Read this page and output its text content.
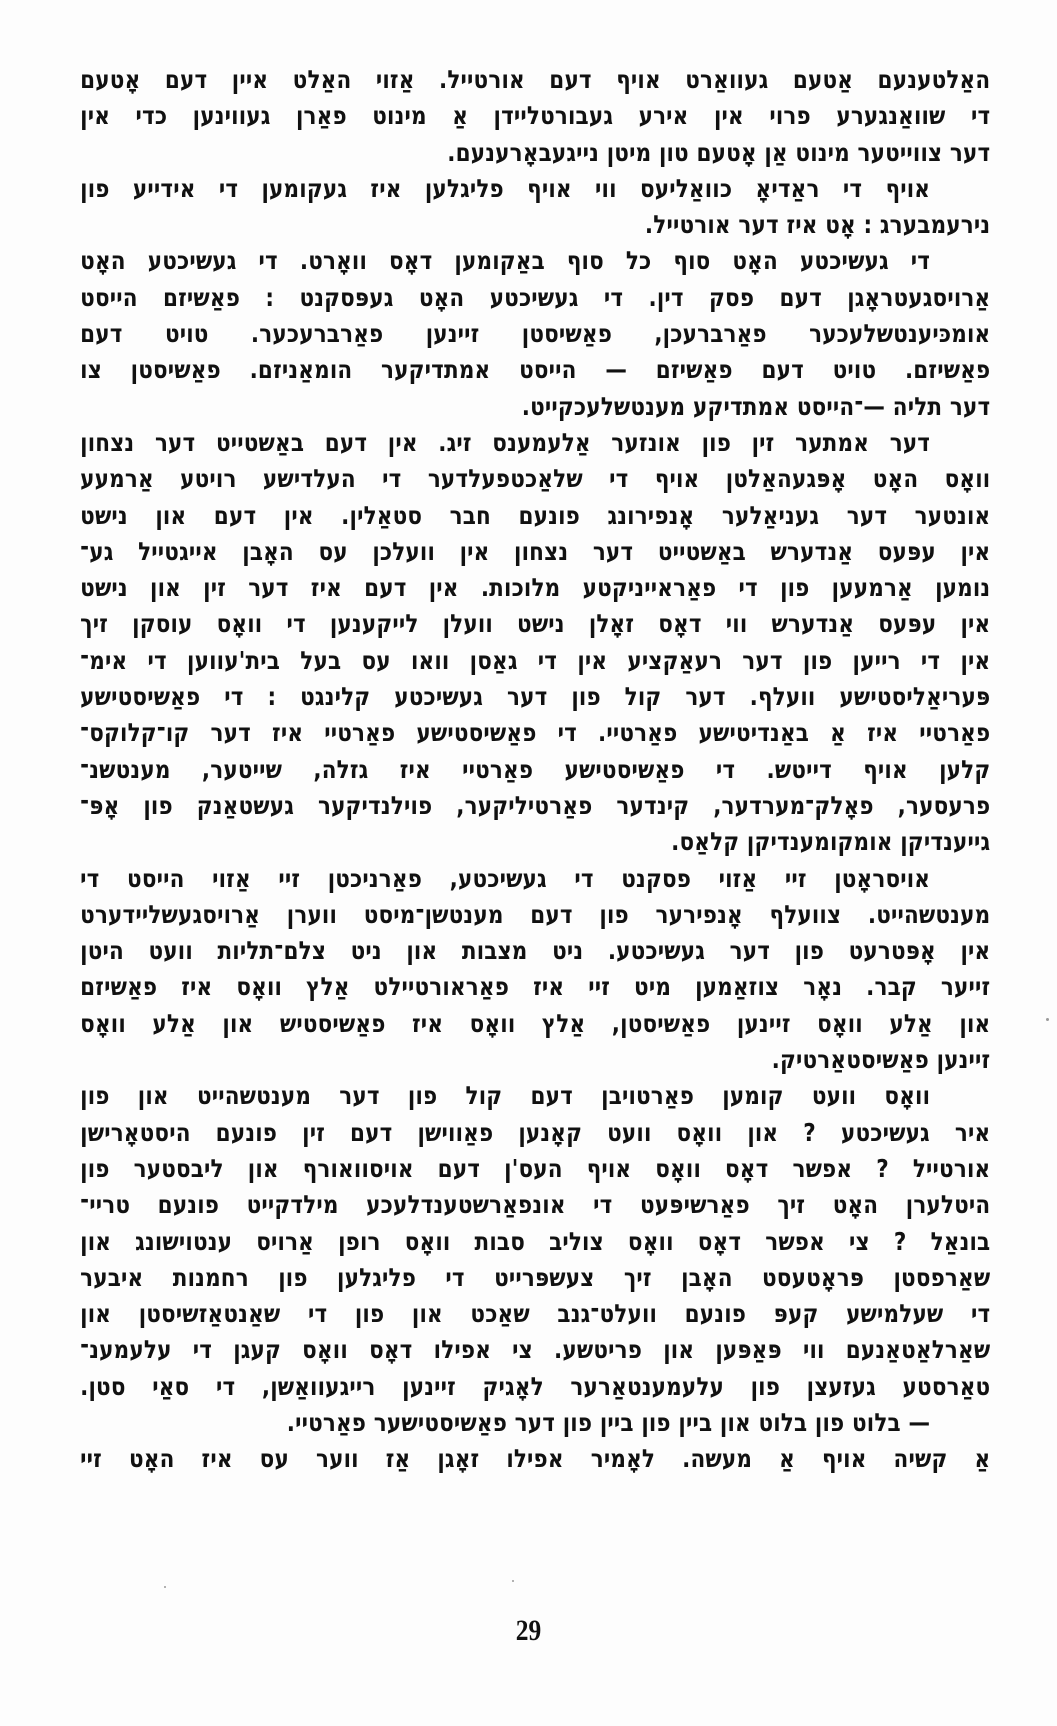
האַלטענעם אַטעם געוואַרט אויף דעם אורטייל. אַזוי האַלט איין דעם אָטעם
די שוואַנגערע פרוי אין אירע געבורטליידן אַ מינוט פאַרן געווינען כדי אין
דער צווייטער מינוט אַן אָטעם טון מיטן נייגעבאָרענעם.
אויף די ראַדיאָ כוואַליעס ווי אויף פליגלען איז געקומען די אידייע פון
נירעמבערג : אָט איז דער אורטייל.
די געשיכטע האָט סוף כל סוף באַקומען דאָס וואָרט. די געשיכטע האָט
אַרויסגעטראָגן דעם פסק דין. די געשיכטע האָט געפּסקנט : פאַשיזם הייסט
אומכּיענטשלעכער פאַרברעכן, פאַשיסטן זיינען פאַרברעכער. טויט דעם
פאַשיזם. טויט דעם פאַשיזם — הייסט אמתדיקער ה‍ומאַניזם. פאַשיסטן צו
דער תליה —־הייסט אמתדיקע מענטשלעכקייט.
דער אמתער זין פון אונזער אַלעמענס זיג. אין דעם באַשטייט דער נצחון
וואָס האָט אָפּגעהאַלטן אויף די שלאַכטפעלדער די העלדישע רויטע אַרמעע
אונטער דער געניאַלער אָנפירונג פונעם חבר סטאַלין. אין דעם און נישט
אין עפּעס אַנדערש באַשטייט דער נצחון אין וועלכן עס האָבן אייגטייל גע־
נומען אַרמעען פון די פאַראייניקטע מלוכות. אין דעם איז דער זין און נישט
אין עפּעס אַנדערש ווי דאָס זאָלן נישט וועלן לייקענען די וואָס עוסקן זיך
אין די רייען פון דער רעאַקציע אין די גאַסן וואו עס בעל בית'עווען די אימ־
פּעריאַליסטישע וועלף. דער קול פון דער געשיכטע קלינגט : די פאַשיסטישע
פאַרטיי איז אַ באַנדיטישע פאַרטיי. די פאַשיסטישע פאַרטיי איז דער קו־קלוקס־
קלען אויף דייטש. די פאַשיסטישע פאַרטיי איז גזלה, שייטער, מענטשנ־
פרעסער, פאָלק־מערדער, קינדער פאַרטיליקער, פוילנדיקער געשטאַנק פון אָפּ־
גייענדיקן אומקומענדיקן קלאַס.
אויסראָטן זיי אַזוי פסקנט די געשיכטע, פאַרניכטן זיי אַזוי הייסט די
מענטשהייט. צוועלף אָנפירער פון דעם מענטשן־מיסט ווערן אַרויסגעשליידערט
אין אָפּטרעט פון דער געשיכטע. ניט מצבות און ניט צלם־תליות וועט היטן
זייער קבר. נאָר צוזאַמען מיט זיי איז פאַראורטיילט אַלץ וואָס איז פאַשיזם
און אַלע וואָס זיינען פאַשיסטן, אַלץ וואָס איז פאַשיסטיש און אַלע וואָס
זיינען פאַשיסטאַרטיק.
וואָס וועט קומען פאַרטויבן דעם קול פון דער מענטשהייט און פון
איר געשיכטע ? און וואָס וועט קאָנען פאַווישן דעם זין פונעם היסטאָרישן
אורטייל ? אפשר דאָס וואָס אויף העס'ן דעם אויסוואורף און ליבסטער פון
היטלערן האָט זיך פאַרשיפּעט די אונפאַרשטענדלעכע מילדקייט פונעם טריי־
בונאַל ? צי אפשר דאָס וואָס צוליב סבות וואָס רופן אַרויס ענטוישונג און
שאַרפסטן פּראָטעסט האָבן זיך צעשפּרייט די פליגלען פון רחמנות איבער
די שעלמישע קעפּ פונעם וועלט־גנב שאַכט און פון די שאַנטאַזשיסטן און
שאַרלאַטאַנעם ווי פּאַפּען און פריטשע. צי אפילו דאָס וואָס קעגן די עלעמענ־
טאַרסטע געזעצן פון עלעמענטאַרער לאָגיק זיינען רייגעוואַשן, די סאַי סטן.
— בלוט פון בלוט און ביין פון ביין פון דער פאַשיסטישער פאַרטיי.
אַ קשיה אויף אַ מעשה. לאָמיר אפילו זאָגן אַז ווער עס איז האָט זיי
29
